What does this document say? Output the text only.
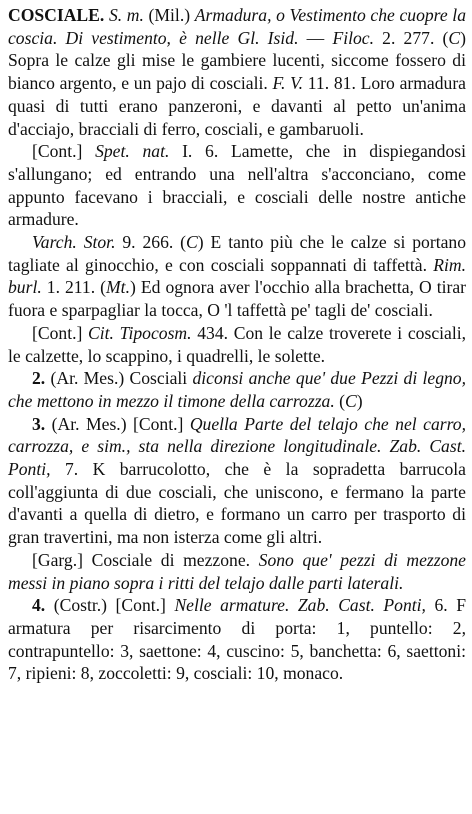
COSCIALE. S. m. (Mil.) Armadura, o Vestimento che cuopre la coscia. Di vestimento, è nelle Gl. Isid. — Filoc. 2. 277. (C) Sopra le calze gli mise le gambiere lucenti, siccome fossero di bianco argento, e un pajo di cosciali. F. V. 11. 81. Loro armadura quasi di tutti erano panzeroni, e davanti al petto un'anima d'acciajo, bracciali di ferro, cosciali, e gambaruoli.

[Cont.] Spet. nat. I. 6. Lamette, che in dispiegandosi s'allungano; ed entrando una nell'altra s'acconciano, come appunto facevano i bracciali, e cosciali delle nostre antiche armadure.

Varch. Stor. 9. 266. (C) E tanto più che le calze si portano tagliate al ginocchio, e con cosciali soppannati di taffettà. Rim. burl. 1. 211. (Mt.) Ed ognora aver l'occhio alla brachetta, O tirar fuora e sparpagliar la tocca, O 'l taffettà pe' tagli de' cosciali.

[Cont.] Cit. Tipocosm. 434. Con le calze troverete i cosciali, le calzette, lo scappino, i quadrelli, le solette.

2. (Ar. Mes.) Cosciali diconsi anche que' due Pezzi di legno, che mettono in mezzo il timone della carrozza. (C)

3. (Ar. Mes.) [Cont.] Quella Parte del telajo che nel carro, carrozza, e sim., sta nella direzione longitudinale. Zab. Cast. Ponti, 7. K barrucolotto, che è la sopradetta barrucola coll'aggiunta di due cosciali, che uniscono, e fermano la parte d'avanti a quella di dietro, e formano un carro per trasporto di gran travertini, ma non isterza come gli altri.

[Garg.] Cosciale di mezzone. Sono que' pezzi di mezzone messi in piano sopra i ritti del telajo dalle parti laterali.

4. (Costr.) [Cont.] Nelle armature. Zab. Cast. Ponti, 6. F armatura per risarcimento di porta: 1, puntello: 2, contrapuntello: 3, saettone: 4, cuscino: 5, banchetta: 6, saettoni: 7, ripieni: 8, zoccoletti: 9, cosciali: 10, monaco.
